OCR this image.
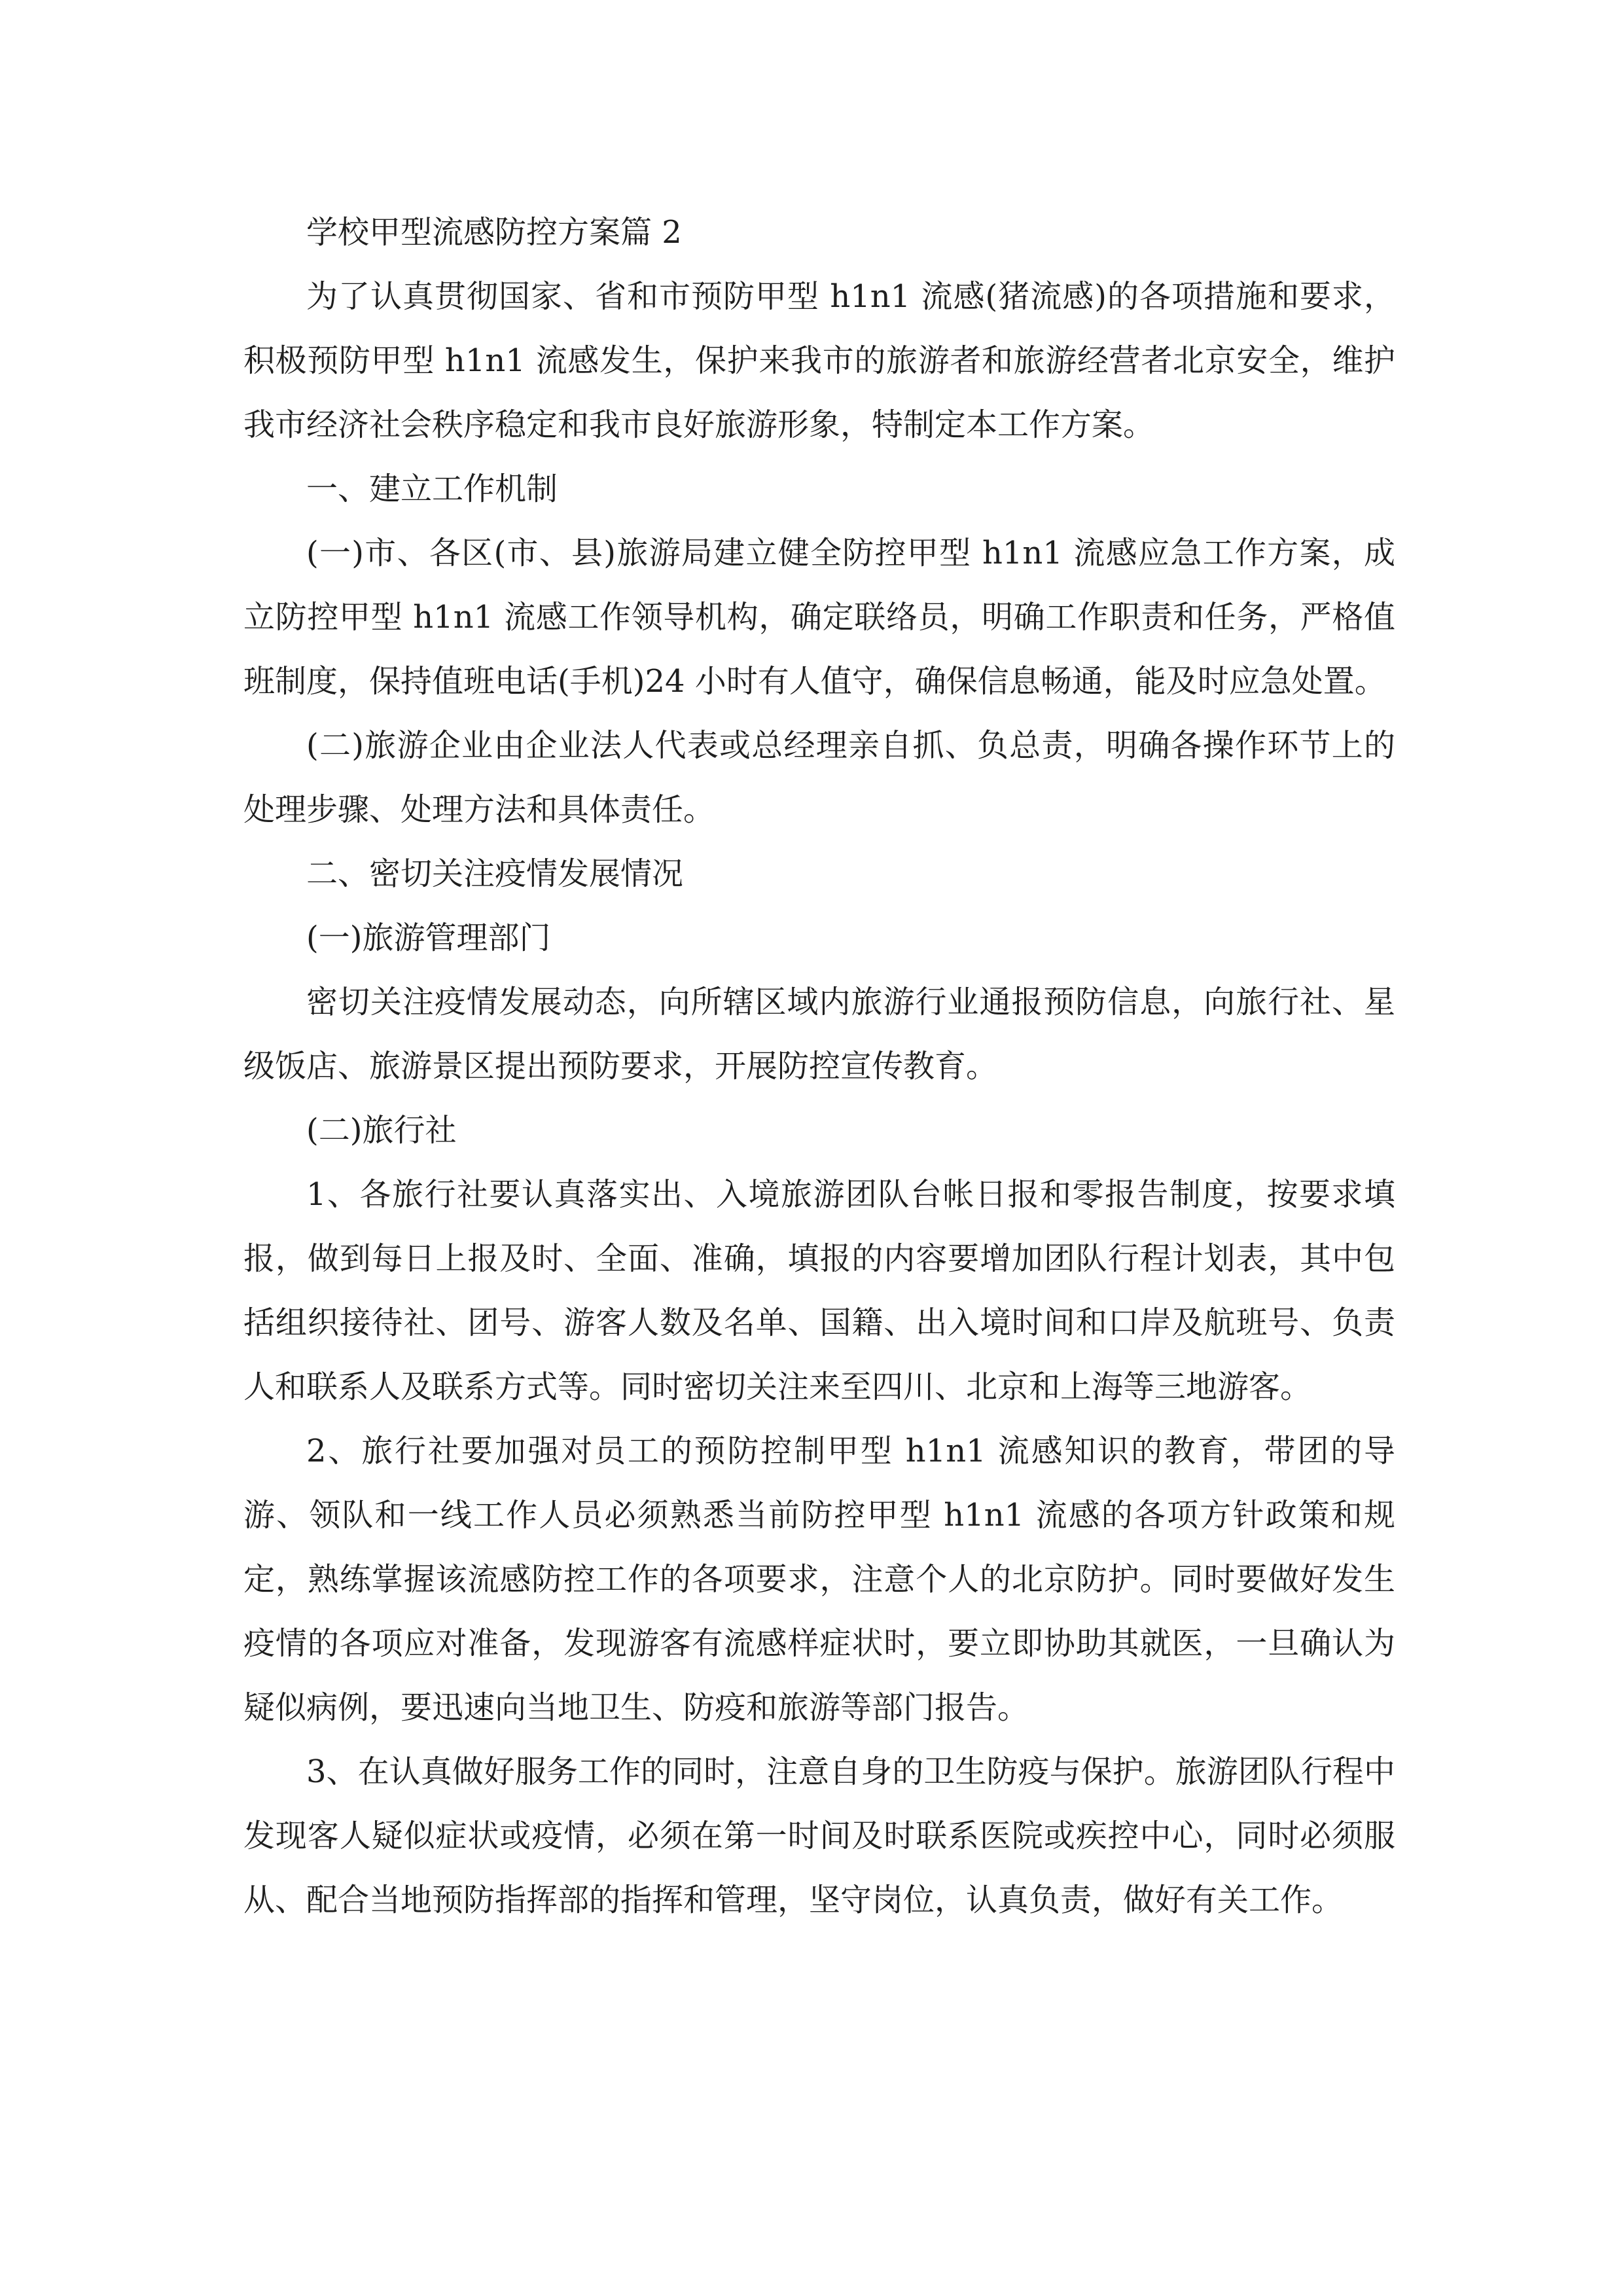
学校甲型流感防控方案篇 2

为了认真贯彻国家、省和市预防甲型 h1n1 流感(猪流感)的各项措施和要求，积极预防甲型 h1n1 流感发生，保护来我市的旅游者和旅游经营者北京安全，维护我市经济社会秩序稳定和我市良好旅游形象，特制定本工作方案。

一、建立工作机制

(一)市、各区(市、县)旅游局建立健全防控甲型 h1n1 流感应急工作方案，成立防控甲型 h1n1 流感工作领导机构，确定联络员，明确工作职责和任务，严格值班制度，保持值班电话(手机)24 小时有人值守，确保信息畅通，能及时应急处置。

(二)旅游企业由企业法人代表或总经理亲自抓、负总责，明确各操作环节上的处理步骤、处理方法和具体责任。

二、密切关注疫情发展情况

(一)旅游管理部门

密切关注疫情发展动态，向所辖区域内旅游行业通报预防信息，向旅行社、星级饭店、旅游景区提出预防要求，开展防控宣传教育。

(二)旅行社

1、各旅行社要认真落实出、入境旅游团队台帐日报和零报告制度，按要求填报，做到每日上报及时、全面、准确，填报的内容要增加团队行程计划表，其中包括组织接待社、团号、游客人数及名单、国籍、出入境时间和口岸及航班号、负责人和联系人及联系方式等。同时密切关注来至四川、北京和上海等三地游客。

2、旅行社要加强对员工的预防控制甲型 h1n1 流感知识的教育，带团的导游、领队和一线工作人员必须熟悉当前防控甲型 h1n1 流感的各项方针政策和规定，熟练掌握该流感防控工作的各项要求，注意个人的北京防护。同时要做好发生疫情的各项应对准备，发现游客有流感样症状时，要立即协助其就医，一旦确认为疑似病例，要迅速向当地卫生、防疫和旅游等部门报告。

3、在认真做好服务工作的同时，注意自身的卫生防疫与保护。旅游团队行程中发现客人疑似症状或疫情，必须在第一时间及时联系医院或疾控中心，同时必须服从、配合当地预防指挥部的指挥和管理，坚守岗位，认真负责，做好有关工作。
